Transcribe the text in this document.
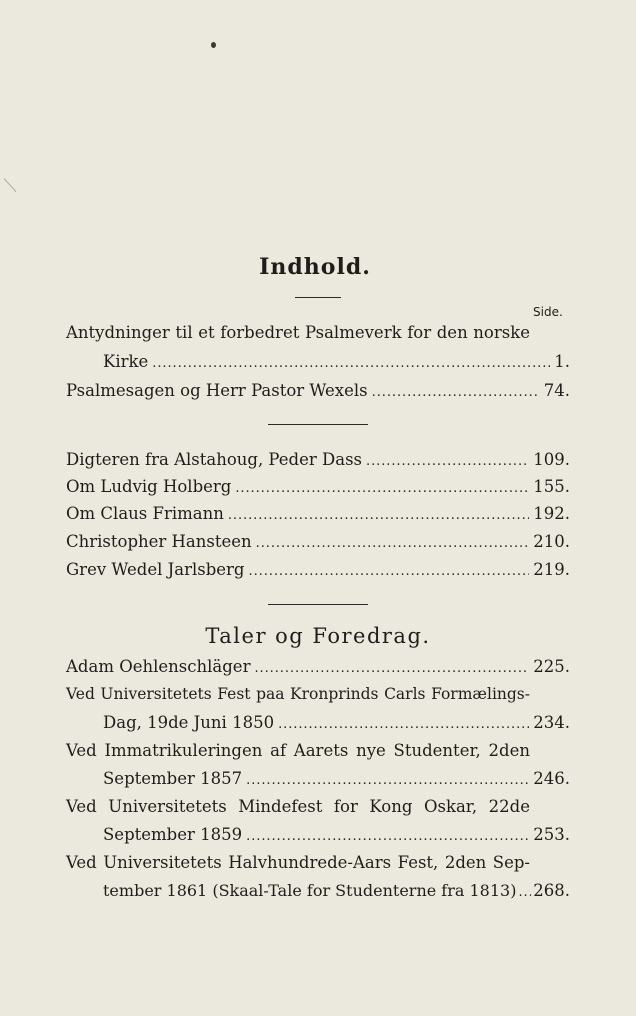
Indhold.
Side.
Antydninger til et forbedret Psalmeverk for den norske
Kirke . . .	1.
Psalmesagen og Herr Pastor Wexels . . .	74.
Digteren fra Alstahoug, Peder Dass . . .	109.
Om Ludvig Holberg . . .	155.
Om Claus Frimann . . .	192.
Christopher Hansteen . . .	210.
Grev Wedel Jarlsberg . . .	219.
Taler og Foredrag.
Adam Oehlenschläger . . .	225.
Ved Universitetets Fest paa Kronprinds Carls Formælings-
Dag, 19de Juni 1850 . . .	234.
Ved Immatrikuleringen af Aarets nye Studenter, 2den
September 1857 . . .	246.
Ved Universitetets Mindefest for Kong Oskar, 22de
September 1859 . . .	253.
Ved Universitetets Halvhundrede-Aars Fest, 2den Sep-
tember 1861 (Skaal-Tale for Studenterne fra 1813) . . . 268.
